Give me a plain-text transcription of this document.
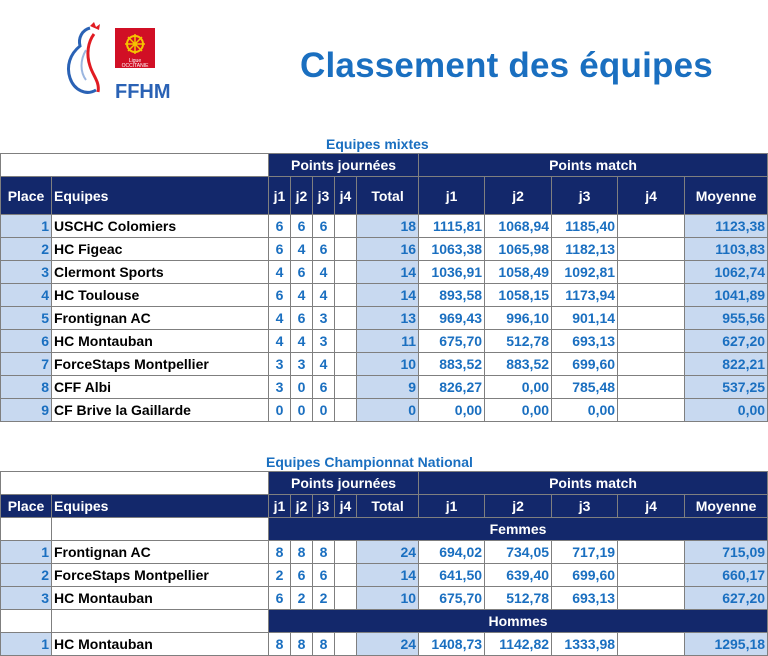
Ligue
OCCITANIE
FFHM
Classement des équipes
Equipes mixtes
		Points journées					Points match				
Place	Equipes	j1	j2	j3	j4	Total	j1	j2	j3	j4	Moyenne
1	USCHC Colomiers	6	6	6		18	1115,81	1068,94	1185,40		1123,38
2	HC Figeac	6	4	6		16	1063,38	1065,98	1182,13		1103,83
3	Clermont Sports	4	6	4		14	1036,91	1058,49	1092,81		1062,74
4	HC Toulouse	6	4	4		14	893,58	1058,15	1173,94		1041,89
5	Frontignan AC	4	6	3		13	969,43	996,10	901,14		955,56
6	HC Montauban	4	4	3		11	675,70	512,78	693,13		627,20
7	ForceStaps Montpellier	3	3	4		10	883,52	883,52	699,60		822,21
8	CFF Albi	3	0	6		9	826,27	0,00	785,48		537,25
9	CF Brive la Gaillarde	0	0	0		0	0,00	0,00	0,00		0,00
Equipes Championnat National
		Points journées					Points match				
Place	Equipes	j1	j2	j3	j4	Total	j1	j2	j3	j4	Moyenne
		Femmes									
1	Frontignan AC	8	8	8		24	694,02	734,05	717,19		715,09
2	ForceStaps Montpellier	2	6	6		14	641,50	639,40	699,60		660,17
3	HC Montauban	6	2	2		10	675,70	512,78	693,13		627,20
		Hommes									
1	HC Montauban	8	8	8		24	1408,73	1142,82	1333,98		1295,18
